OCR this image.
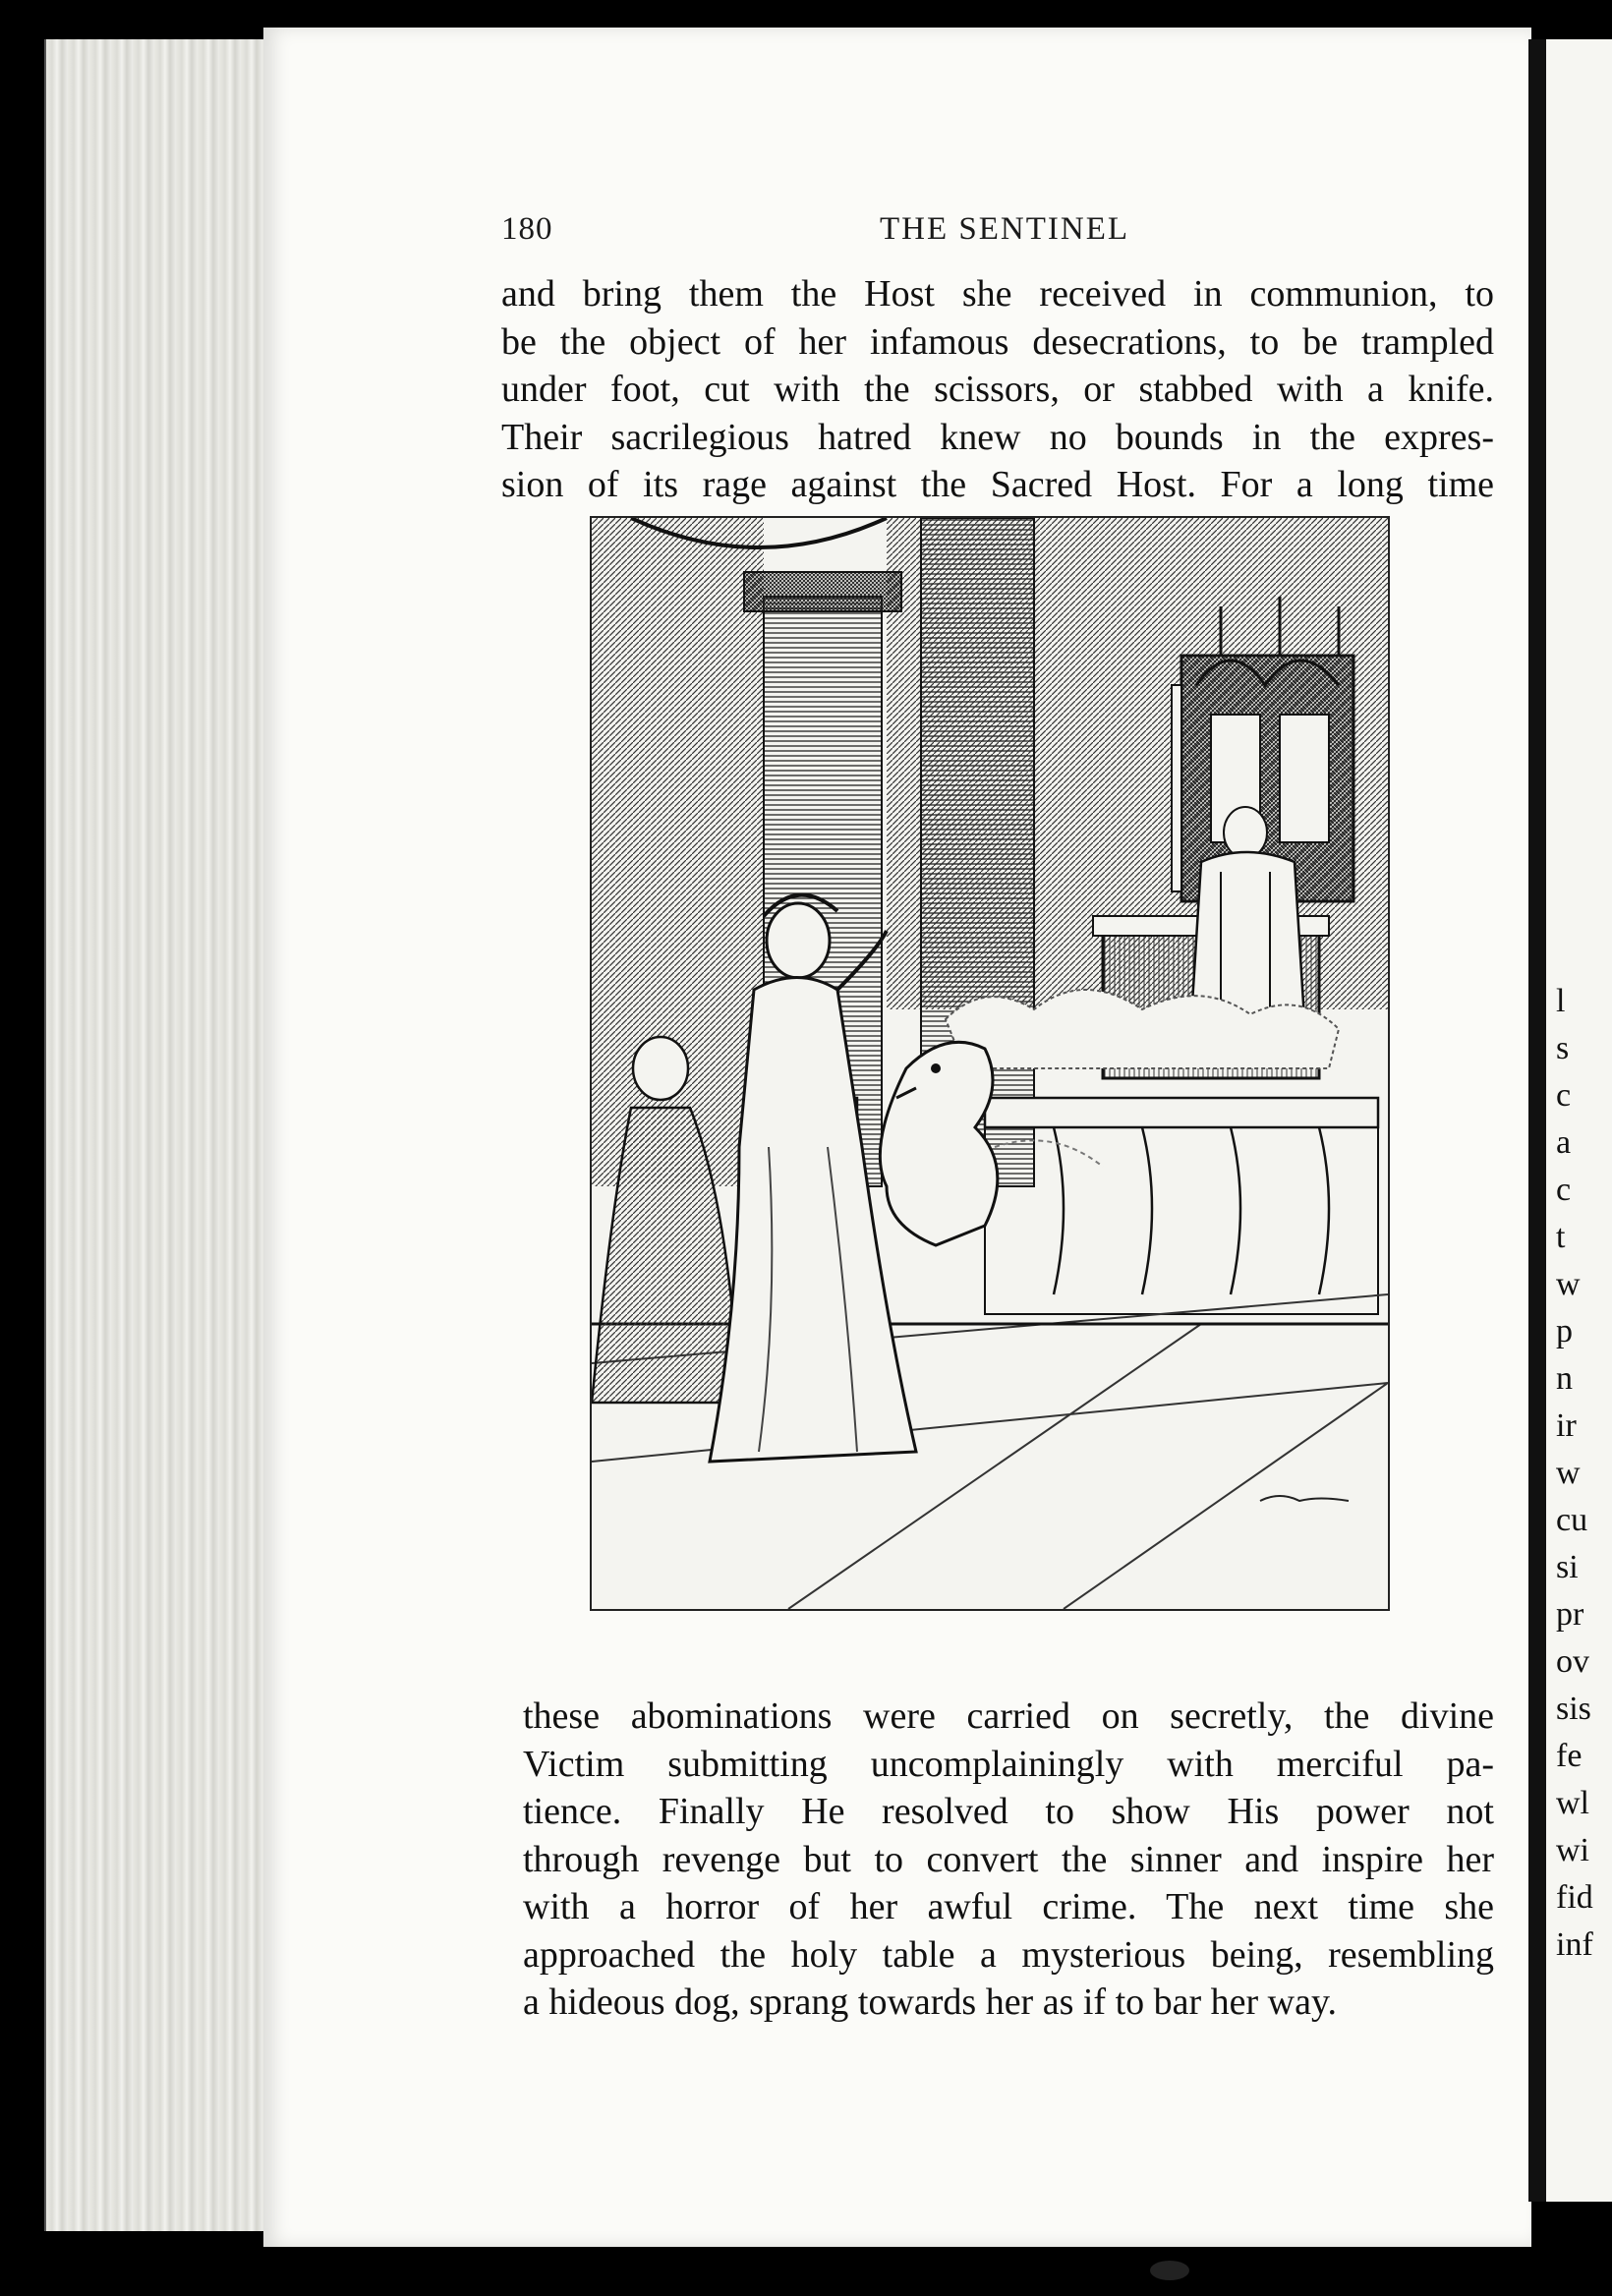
l
s
c
a
c
t
w
p
n
ir
w
cu
si
pr
ov
sis
fe
wl
wi
fid
inf
180	THE SENTINEL
and bring them the Host she received in communion, to
be the object of her infamous desecrations, to be trampled
under foot, cut with the scissors, or stabbed with a knife.
Their sacrilegious hatred knew no bounds in the expres-
sion of its rage against the Sacred Host. For a long time
these abominations were carried on secretly, the divine
Victim submitting uncomplainingly with merciful pa-
tience. Finally He resolved to show His power not
through revenge but to convert the sinner and inspire her
with a horror of her awful crime. The next time she
approached the holy table a mysterious being, resembling
a hideous dog, sprang towards her as if to bar her way.
